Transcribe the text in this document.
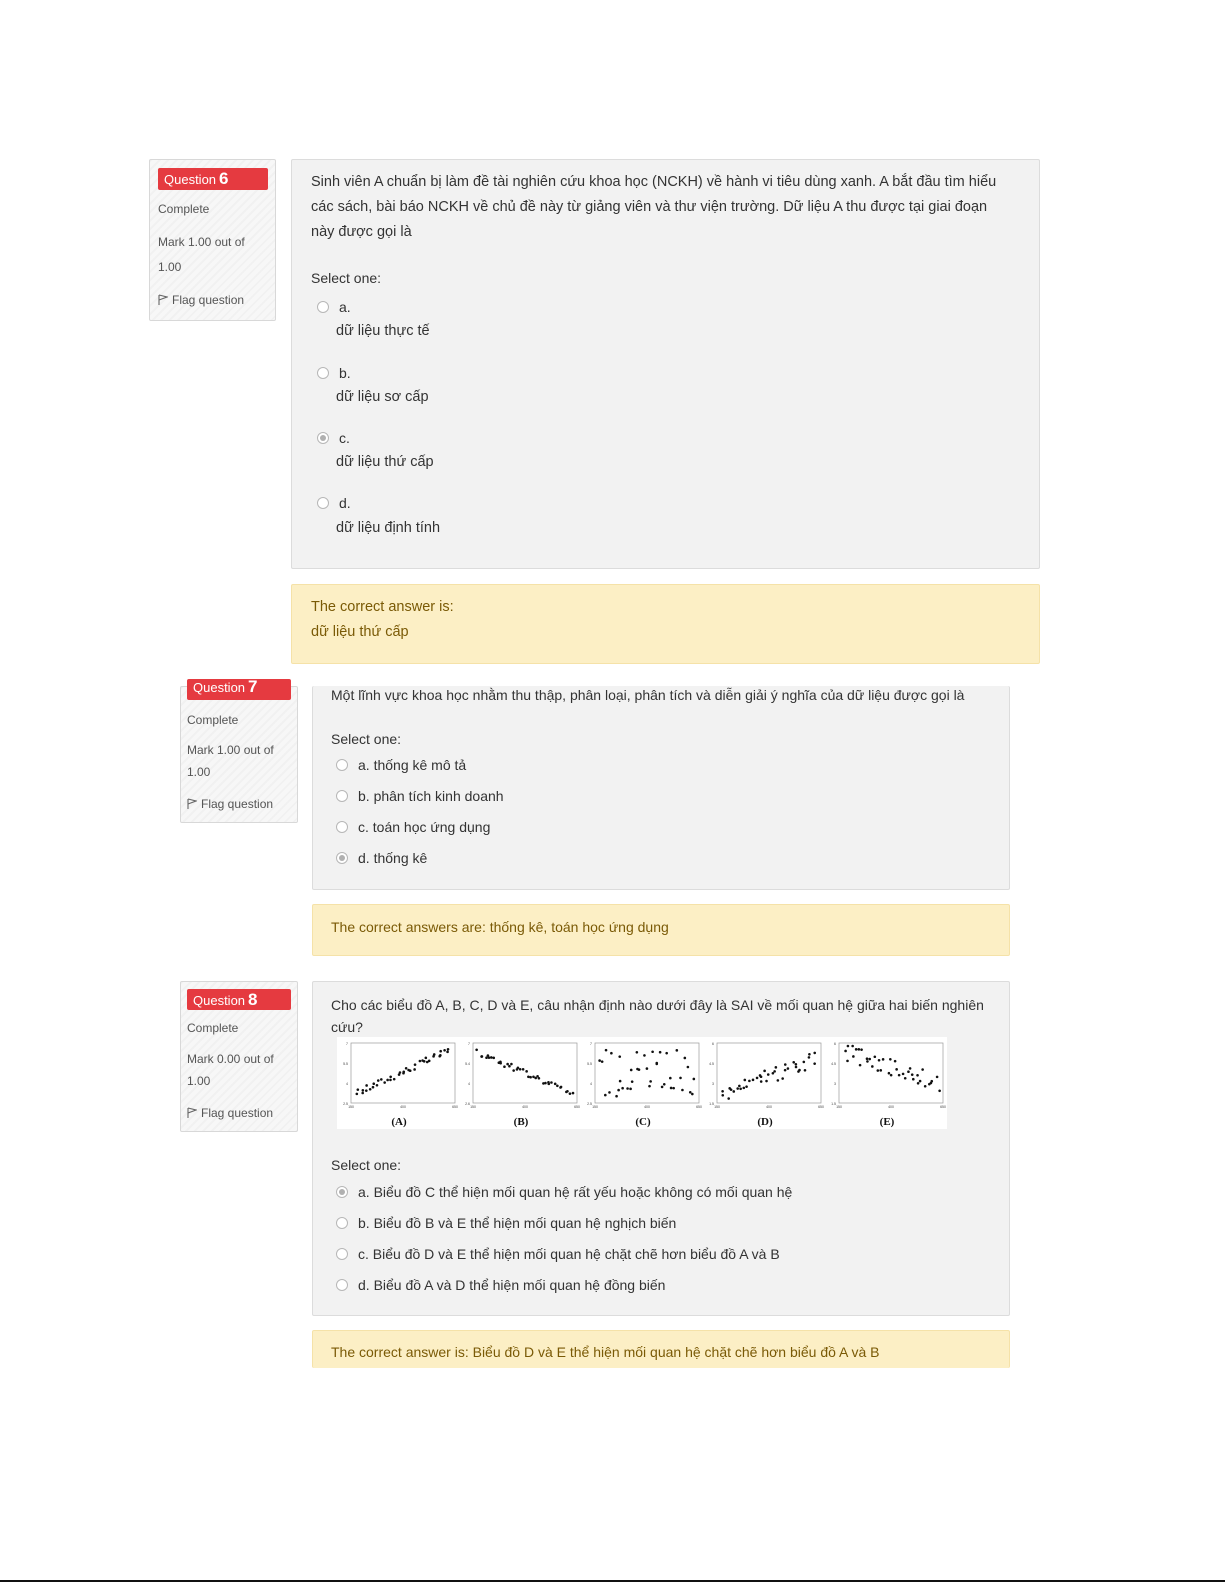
Question 6
Complete
Mark 1.00 out of
1.00
Flag question
Sinh viên A chuẩn bị làm đề tài nghiên cứu khoa học (NCKH) về hành vi tiêu dùng xanh. A bắt đầu tìm hiểu
các sách, bài báo NCKH về chủ đề này từ giảng viên và thư viện trường. Dữ liệu A thu được tại giai đoạn
này được gọi là
Select one:
a.
dữ liệu thực tế
b.
dữ liệu sơ cấp
c.
dữ liệu thứ cấp
d.
dữ liệu định tính
The correct answer is:
dữ liệu thứ cấp
Question 7
Complete
Mark 1.00 out of
1.00
Flag question
Một lĩnh vực khoa học nhằm thu thập, phân loại, phân tích và diễn giải ý nghĩa của dữ liệu được gọi là
Select one:
a. thống kê mô tả
b. phân tích kinh doanh
c. toán học ứng dụng
d. thống kê
The correct answers are: thống kê, toán học ứng dụng
Question 8
Complete
Mark 0.00 out of
1.00
Flag question
Cho các biểu đồ A, B, C, D và E, câu nhận định nào dưới đây là SAI về mối quan hệ giữa hai biến nghiên
cứu?
Select one:
a. Biểu đồ C thể hiện mối quan hệ rất yếu hoặc không có mối quan hệ
b. Biểu đồ B và E thể hiện mối quan hệ nghịch biến
c. Biểu đồ D và E thể hiện mối quan hệ chặt chẽ hơn biểu đồ A và B
d. Biểu đồ A và D thể hiện mối quan hệ đồng biến
2.5
4
5.5
7
150	400	650
(A)
2.6
4
5.4
7
150	400	650
(B)
2.5
4
5.5
7
150	400	650
(C)
1.5
3
4.5
6
150	400	650
(D)
1.5
3
4.5
6
150	400	650
(E)
The correct answer is: Biểu đồ D và E thể hiện mối quan hệ chặt chẽ hơn biểu đồ A và B
